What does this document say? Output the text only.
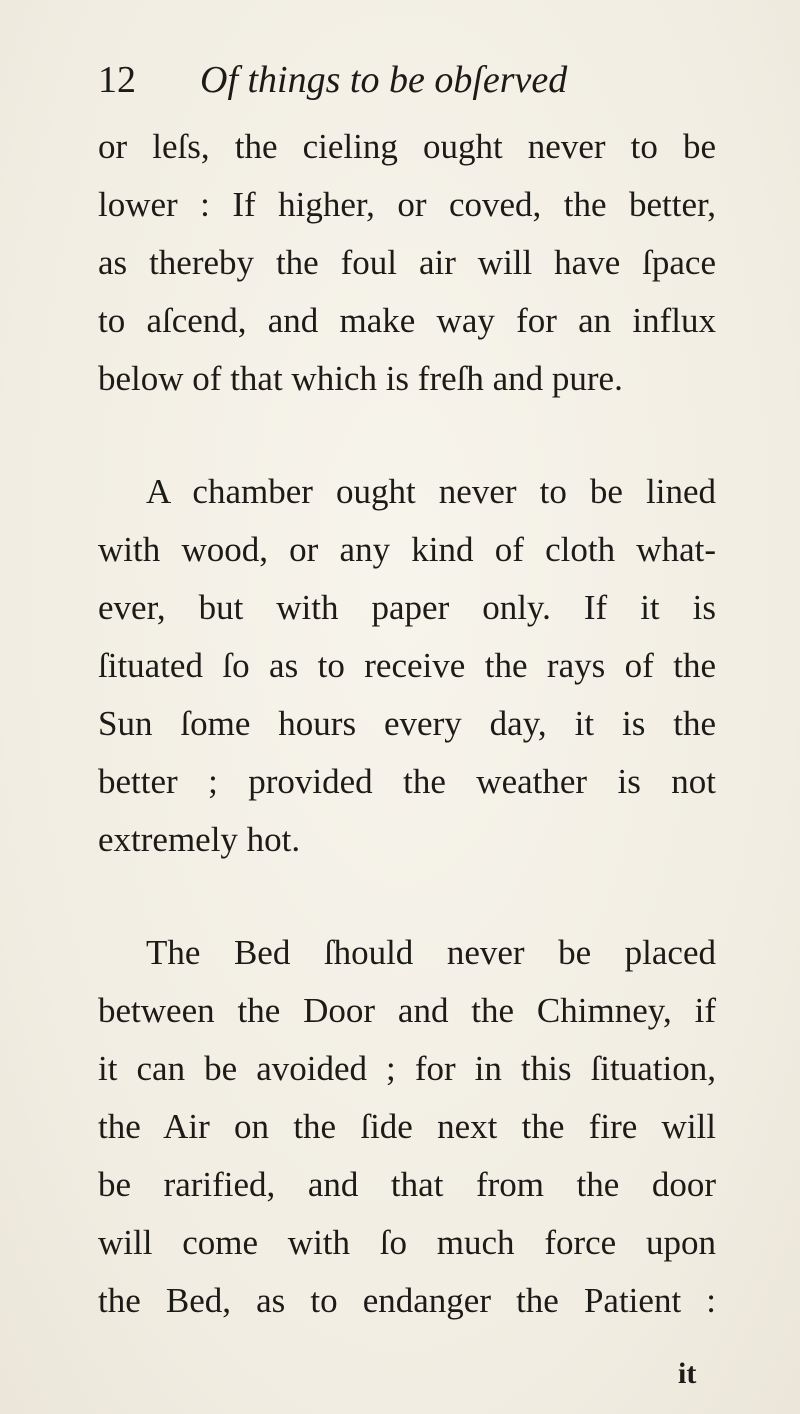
12 Of things to be obſerved
or leſs, the cieling ought never to be
lower : If higher, or coved, the better,
as thereby the foul air will have ſpace
to aſcend, and make way for an influx
below of that which is freſh and pure.
A chamber ought never to be lined
with wood, or any kind of cloth what-
ever, but with paper only. If it is
ſituated ſo as to receive the rays of the
Sun ſome hours every day, it is the
better ; provided the weather is not
extremely hot.
The Bed ſhould never be placed
between the Door and the Chimney, if
it can be avoided ; for in this ſituation,
the Air on the ſide next the fire will
be rarified, and that from the door
will come with ſo much force upon
the Bed, as to endanger the Patient :
it
